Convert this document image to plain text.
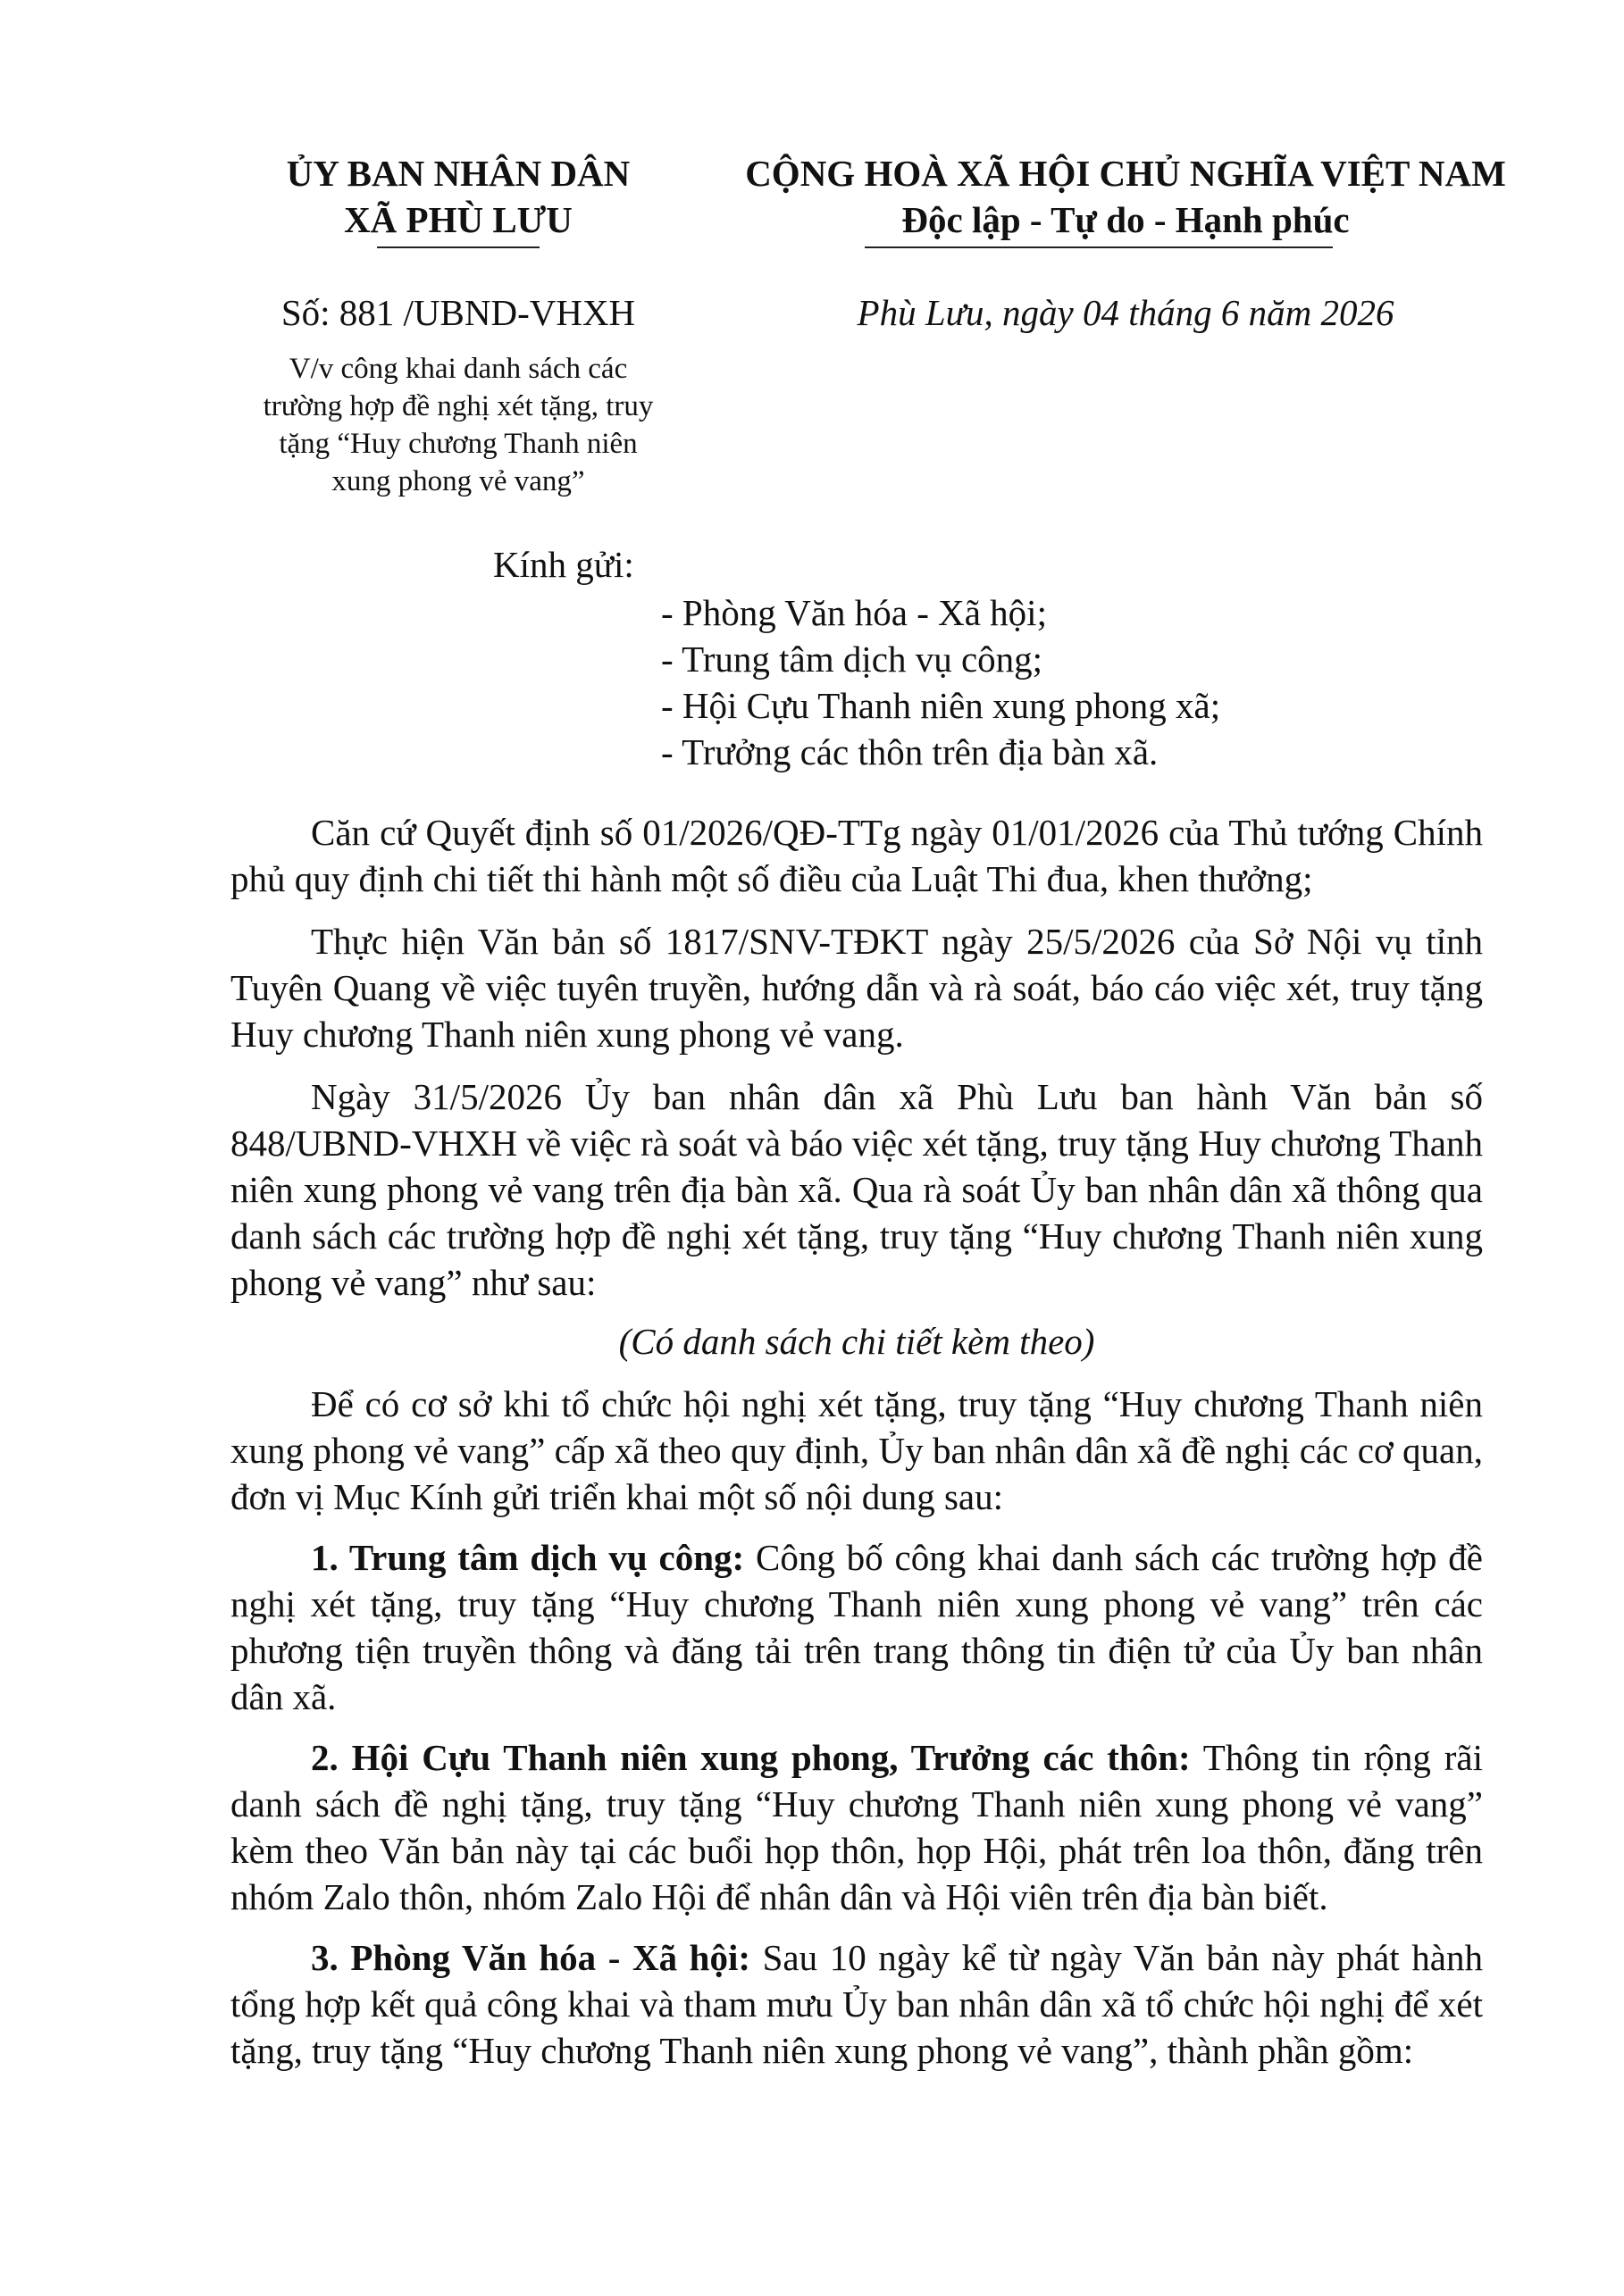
ỦY BAN NHÂN DÂN
XÃ PHÙ LƯU
CỘNG HOÀ XÃ HỘI CHỦ NGHĨA VIỆT NAM
Độc lập - Tự do - Hạnh phúc
Số: 881 /UBND-VHXH	Phù Lưu, ngày 04 tháng 6 năm 2026
V/v công khai danh sách các
trường hợp đề nghị xét tặng, truy
tặng “Huy chương Thanh niên
xung phong vẻ vang”
Kính gửi:
- Phòng Văn hóa - Xã hội;
- Trung tâm dịch vụ công;
- Hội Cựu Thanh niên xung phong xã;
- Trưởng các thôn trên địa bàn xã.

Căn cứ Quyết định số 01/2026/QĐ-TTg ngày 01/01/2026 của Thủ tướng Chính phủ quy định chi tiết thi hành một số điều của Luật Thi đua, khen thưởng;

Thực hiện Văn bản số 1817/SNV-TĐKT ngày 25/5/2026 của Sở Nội vụ tỉnh Tuyên Quang về việc tuyên truyền, hướng dẫn và rà soát, báo cáo việc xét, truy tặng Huy chương Thanh niên xung phong vẻ vang.

Ngày 31/5/2026 Ủy ban nhân dân xã Phù Lưu ban hành Văn bản số 848/UBND-VHXH về việc rà soát và báo việc xét tặng, truy tặng Huy chương Thanh niên xung phong vẻ vang trên địa bàn xã. Qua rà soát Ủy ban nhân dân xã thông qua danh sách các trường hợp đề nghị xét tặng, truy tặng “Huy chương Thanh niên xung phong vẻ vang” như sau:

(Có danh sách chi tiết kèm theo)

Để có cơ sở khi tổ chức hội nghị xét tặng, truy tặng “Huy chương Thanh niên xung phong vẻ vang” cấp xã theo quy định, Ủy ban nhân dân xã đề nghị các cơ quan, đơn vị Mục Kính gửi triển khai một số nội dung sau:

1. Trung tâm dịch vụ công: Công bố công khai danh sách các trường hợp đề nghị xét tặng, truy tặng “Huy chương Thanh niên xung phong vẻ vang” trên các phương tiện truyền thông và đăng tải trên trang thông tin điện tử của Ủy ban nhân dân xã.

2. Hội Cựu Thanh niên xung phong, Trưởng các thôn: Thông tin rộng rãi danh sách đề nghị tặng, truy tặng “Huy chương Thanh niên xung phong vẻ vang” kèm theo Văn bản này tại các buổi họp thôn, họp Hội, phát trên loa thôn, đăng trên nhóm Zalo thôn, nhóm Zalo Hội để nhân dân và Hội viên trên địa bàn biết.

3. Phòng Văn hóa - Xã hội: Sau 10 ngày kể từ ngày Văn bản này phát hành tổng hợp kết quả công khai và tham mưu Ủy ban nhân dân xã tổ chức hội nghị để xét tặng, truy tặng “Huy chương Thanh niên xung phong vẻ vang”, thành phần gồm:
